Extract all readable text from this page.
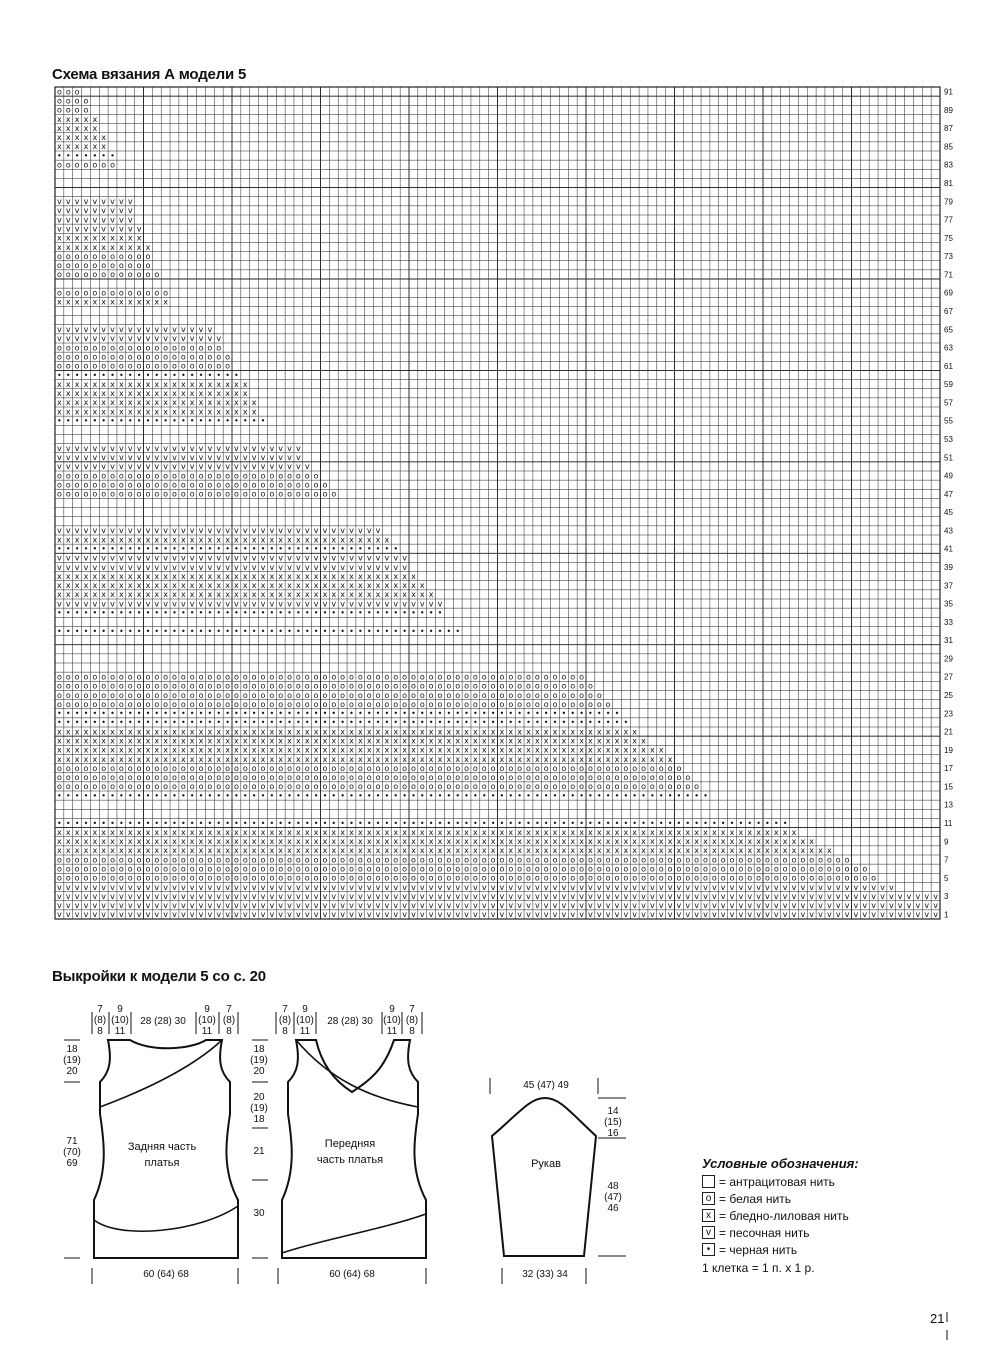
Схема вязания А модели 5
vvvvvvvvvvvvvvvvvvvvvvvvvvvvvvvvvvvvvvvvvvvvvvvvvvvvvvvvvvvvvvvvvvvvvvvvvvvvvvvvvvvvvvvvvvvvvvvvvvvv
vvvvvvvvvvvvvvvvvvvvvvvvvvvvvvvvvvvvvvvvvvvvvvvvvvvvvvvvvvvvvvvvvvvvvvvvvvvvvvvvvvvvvvvvvvvvvvvvvvvv
vvvvvvvvvvvvvvvvvvvvvvvvvvvvvvvvvvvvvvvvvvvvvvvvvvvvvvvvvvvvvvvvvvvvvvvvvvvvvvvvvvvvvvvvvvvvvvvvvvvv
vvvvvvvvvvvvvvvvvvvvvvvvvvvvvvvvvvvvvvvvvvvvvvvvvvvvvvvvvvvvvvvvvvvvvvvvvvvvvvvvvvvvvvvvvvvvvvv
ooooooooooooooooooooooooooooooooooooooooooooooooooooooooooooooooooooooooooooooooooooooooooooo
oooooooooooooooooooooooooooooooooooooooooooooooooooooooooooooooooooooooooooooooooooooooooooo
oooooooooooooooooooooooooooooooooooooooooooooooooooooooooooooooooooooooooooooooooooooooooo
xxxxxxxxxxxxxxxxxxxxxxxxxxxxxxxxxxxxxxxxxxxxxxxxxxxxxxxxxxxxxxxxxxxxxxxxxxxxxxxxxxxxxxxx
xxxxxxxxxxxxxxxxxxxxxxxxxxxxxxxxxxxxxxxxxxxxxxxxxxxxxxxxxxxxxxxxxxxxxxxxxxxxxxxxxxxxxx
xxxxxxxxxxxxxxxxxxxxxxxxxxxxxxxxxxxxxxxxxxxxxxxxxxxxxxxxxxxxxxxxxxxxxxxxxxxxxxxxxxxx
•••••••••••••••••••••••••••••••••••••••••••••••••••••••••••••••••••••••••••••••••••
••••••••••••••••••••••••••••••••••••••••••••••••••••••••••••••••••••••••••
ooooooooooooooooooooooooooooooooooooooooooooooooooooooooooooooooooooooooo
oooooooooooooooooooooooooooooooooooooooooooooooooooooooooooooooooooooooo
ooooooooooooooooooooooooooooooooooooooooooooooooooooooooooooooooooooooo
xxxxxxxxxxxxxxxxxxxxxxxxxxxxxxxxxxxxxxxxxxxxxxxxxxxxxxxxxxxxxxxxxxxxxx
xxxxxxxxxxxxxxxxxxxxxxxxxxxxxxxxxxxxxxxxxxxxxxxxxxxxxxxxxxxxxxxxxxxxx
xxxxxxxxxxxxxxxxxxxxxxxxxxxxxxxxxxxxxxxxxxxxxxxxxxxxxxxxxxxxxxxxxxx
xxxxxxxxxxxxxxxxxxxxxxxxxxxxxxxxxxxxxxxxxxxxxxxxxxxxxxxxxxxxxxxxxx
•••••••••••••••••••••••••••••••••••••••••••••••••••••••••••••••••
••••••••••••••••••••••••••••••••••••••••••••••••••••••••••••••••
ooooooooooooooooooooooooooooooooooooooooooooooooooooooooooooooo
oooooooooooooooooooooooooooooooooooooooooooooooooooooooooooooo
ooooooooooooooooooooooooooooooooooooooooooooooooooooooooooooo
oooooooooooooooooooooooooooooooooooooooooooooooooooooooooooo
••••••••••••••••••••••••••••••••••••••••••••••
••••••••••••••••••••••••••••••••••••••••••••
vvvvvvvvvvvvvvvvvvvvvvvvvvvvvvvvvvvvvvvvvvvv
xxxxxxxxxxxxxxxxxxxxxxxxxxxxxxxxxxxxxxxxxxx
xxxxxxxxxxxxxxxxxxxxxxxxxxxxxxxxxxxxxxxxxx
xxxxxxxxxxxxxxxxxxxxxxxxxxxxxxxxxxxxxxxxx
vvvvvvvvvvvvvvvvvvvvvvvvvvvvvvvvvvvvvvvv
vvvvvvvvvvvvvvvvvvvvvvvvvvvvvvvvvvvvvvvv
•••••••••••••••••••••••••••••••••••••••
xxxxxxxxxxxxxxxxxxxxxxxxxxxxxxxxxxxxxx
vvvvvvvvvvvvvvvvvvvvvvvvvvvvvvvvvvvvv
oooooooooooooooooooooooooooooooo
ooooooooooooooooooooooooooooooo
oooooooooooooooooooooooooooooo
vvvvvvvvvvvvvvvvvvvvvvvvvvvvv
vvvvvvvvvvvvvvvvvvvvvvvvvvvv
vvvvvvvvvvvvvvvvvvvvvvvvvvvv
••••••••••••••••••••••••
xxxxxxxxxxxxxxxxxxxxxxx
xxxxxxxxxxxxxxxxxxxxxxx
xxxxxxxxxxxxxxxxxxxxxx
xxxxxxxxxxxxxxxxxxxxxx
•••••••••••••••••••••
oooooooooooooooooooo
oooooooooooooooooooo
ooooooooooooooooooo
vvvvvvvvvvvvvvvvvvv
vvvvvvvvvvvvvvvvvv
xxxxxxxxxxxxx
ooooooooooooo
oooooooooooo
ooooooooooo
ooooooooooo
xxxxxxxxxxx
xxxxxxxxxx
vvvvvvvvvv
vvvvvvvvv
vvvvvvvvv
vvvvvvvvv
ooooooo
•••••••
xxxxxx
xxxxxx
xxxxx
xxxxx
oooo
oooo
ooo
1
3
5
7
9
11
13
15
17
19
21
23
25
27
29
31
33
35
37
39
41
43
45
47
49
51
53
55
57
59
61
63
65
67
69
71
73
75
77
79
81
83
85
87
89
91
Выкройки к модели 5 со с. 20
Задняя часть
платья
7
(8)
8
9
(10)
11
28 (28) 30
9
(10)
11
7
(8)
8
18
(19)
20
71
(70)
69
60 (64) 68
Передняя
часть платья
7
(8)
8
9
(10)
11
28 (28) 30
9
(10)
11
7
(8)
8
18
(19)
20
20
(19)
18
21
30
60 (64) 68
Рукав
45 (47) 49
14
(15)
16
48
(47)
46
32 (33) 34
Условные обозначения:
= антрацитовая нить
o = белая нить
x = бледно-лиловая нить
v = песочная нить
• = черная нить
1 клетка = 1 п. х 1 р.
21
